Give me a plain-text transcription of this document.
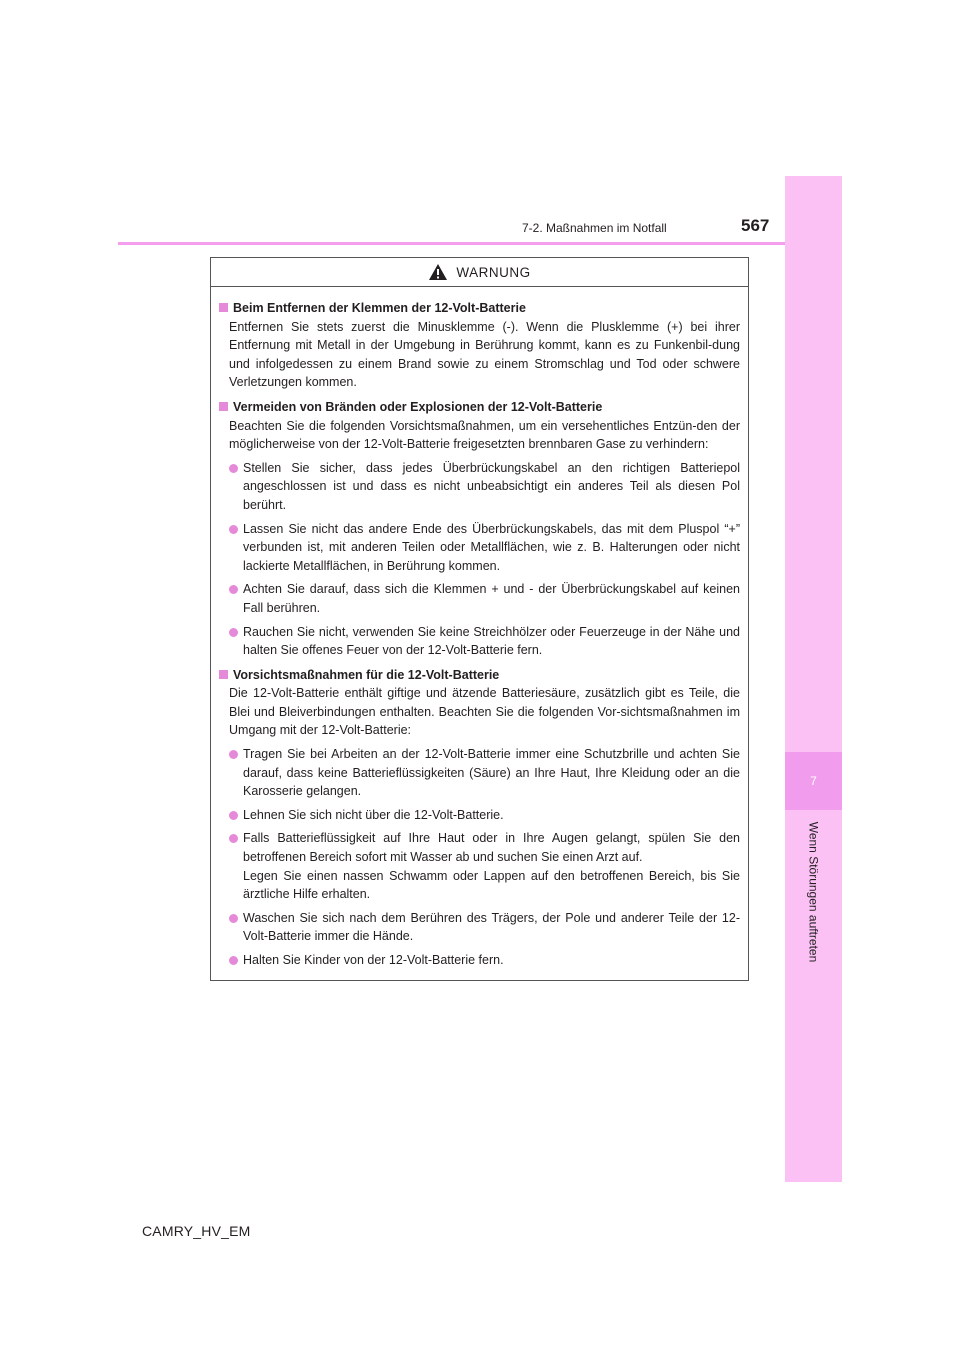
7
Wenn Störungen auftreten
7-2. Maßnahmen im Notfall	567
WARNUNG
Beim Entfernen der Klemmen der 12-Volt-Batterie
Entfernen Sie stets zuerst die Minusklemme (-). Wenn die Plusklemme (+) bei ihrer Entfernung mit Metall in der Umgebung in Berührung kommt, kann es zu Funkenbil-dung und infolgedessen zu einem Brand sowie zu einem Stromschlag und Tod oder schwere Verletzungen kommen.
Vermeiden von Bränden oder Explosionen der 12-Volt-Batterie
Beachten Sie die folgenden Vorsichtsmaßnahmen, um ein versehentliches Entzün-den der möglicherweise von der 12-Volt-Batterie freigesetzten brennbaren Gase zu verhindern:
Stellen Sie sicher, dass jedes Überbrückungskabel an den richtigen Batteriepol angeschlossen ist und dass es nicht unbeabsichtigt ein anderes Teil als diesen Pol berührt.
Lassen Sie nicht das andere Ende des Überbrückungskabels, das mit dem Pluspol “+” verbunden ist, mit anderen Teilen oder Metallflächen, wie z. B. Halterungen oder nicht lackierte Metallflächen, in Berührung kommen.
Achten Sie darauf, dass sich die Klemmen + und - der Überbrückungskabel auf keinen Fall berühren.
Rauchen Sie nicht, verwenden Sie keine Streichhölzer oder Feuerzeuge in der Nähe und halten Sie offenes Feuer von der 12-Volt-Batterie fern.
Vorsichtsmaßnahmen für die 12-Volt-Batterie
Die 12-Volt-Batterie enthält giftige und ätzende Batteriesäure, zusätzlich gibt es Teile, die Blei und Bleiverbindungen enthalten. Beachten Sie die folgenden Vor-sichtsmaßnahmen im Umgang mit der 12-Volt-Batterie:
Tragen Sie bei Arbeiten an der 12-Volt-Batterie immer eine Schutzbrille und achten Sie darauf, dass keine Batterieflüssigkeiten (Säure) an Ihre Haut, Ihre Kleidung oder an die Karosserie gelangen.
Lehnen Sie sich nicht über die 12-Volt-Batterie.
Falls Batterieflüssigkeit auf Ihre Haut oder in Ihre Augen gelangt, spülen Sie den betroffenen Bereich sofort mit Wasser ab und suchen Sie einen Arzt auf.
Legen Sie einen nassen Schwamm oder Lappen auf den betroffenen Bereich, bis Sie ärztliche Hilfe erhalten.
Waschen Sie sich nach dem Berühren des Trägers, der Pole und anderer Teile der 12-Volt-Batterie immer die Hände.
Halten Sie Kinder von der 12-Volt-Batterie fern.
CAMRY_HV_EM
